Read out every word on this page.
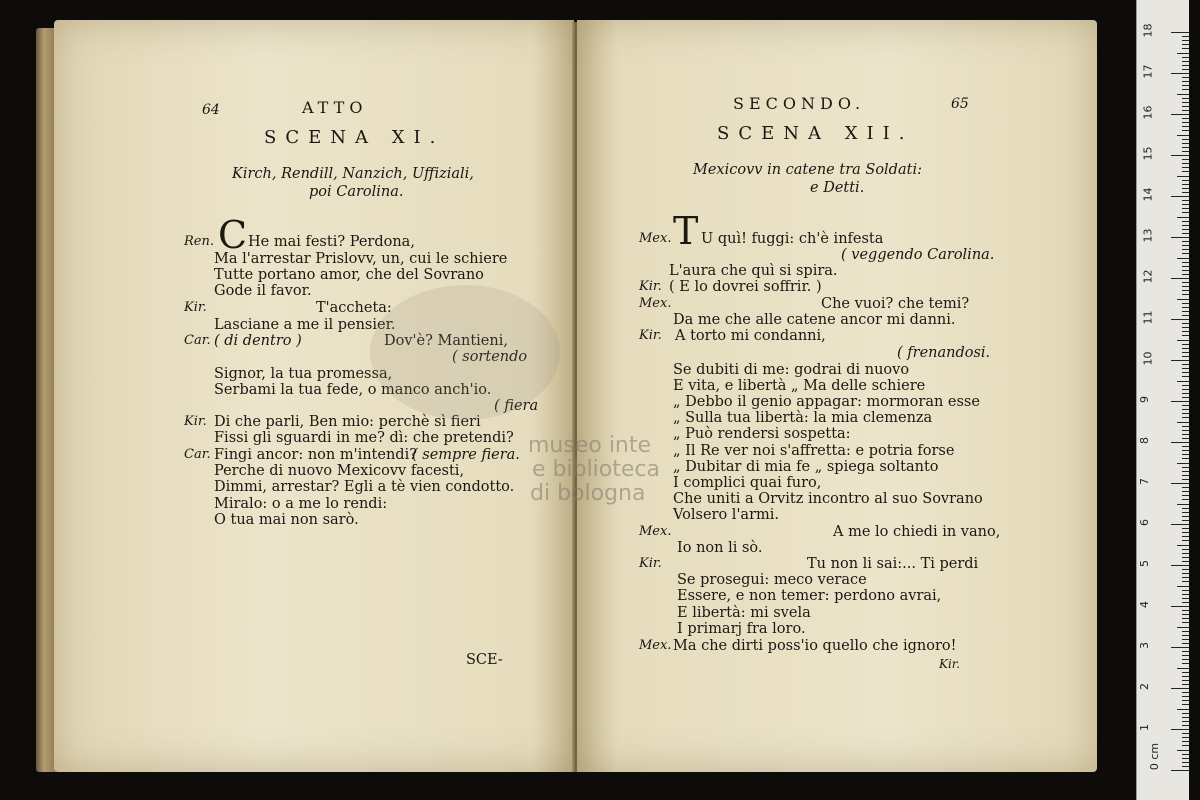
64	ATTO
SCENA XI.
Kirch, Rendill, Nanzich, Uffiziali,
poi Carolina.
Ren. C He mai festi? Perdona,
Ma l'arrestar Prislovv, un, cui le schiere
Tutte portano amor, che del Sovrano
Gode il favor.
Kir.	T'accheta:
Lasciane a me il pensier.
Car. ( di dentro )	Dov'è? Mantieni,
( sortendo
Signor, la tua promessa,
Serbami la tua fede, o manco anch'io.
( fiera
Kir. Di che parli, Ben mio: perchè sì fieri
Fissi gli sguardi in me? dì: che pretendi?
Car. Fingi ancor: non m'intendi?
( sempre fiera.
Perche di nuovo Mexicovv facesti,
Dimmi, arrestar? Egli a tè vien condotto.
Miralo: o a me lo rendi:
O tua mai non sarò.
SCE-
SECONDO.	65
SCENA XII.
Mexicovv in catene tra Soldati:
e Detti.
Mex. T U quì! fuggi: ch'è infesta
( veggendo Carolina.
L'aura che quì si spira.
Kir. ( E lo dovrei soffrir. )
Mex.	Che vuoi? che temi?
Da me che alle catene ancor mi danni.
Kir. A torto mi condanni,
( frenandosi.
Se dubiti di me: godrai di nuovo
E vita, e libertà „ Ma delle schiere
„ Debbo il genio appagar: mormoran esse
„ Sulla tua libertà: la mia clemenza
„ Può rendersi sospetta:
„ Il Re ver noi s'affretta: e potria forse
„ Dubitar di mia fe „ spiega soltanto
I complici quai furo,
Che uniti a Orvitz incontro al suo Sovrano
Volsero l'armi.
Mex.	A me lo chiedi in vano,
Io non li sò.
Kir.	Tu non li sai:... Ti perdi
Se prosegui: meco verace
Essere, e non temer: perdono avrai,
E libertà: mi svela
I primarj fra loro.
Mex. Ma che dirti poss'io quello che ignoro!
Kir.
museo inte
e biblioteca
di bologna
0 cm
1
2
3
4
5
6
7
8
9
10
11
12
13
14
15
16
17
18
